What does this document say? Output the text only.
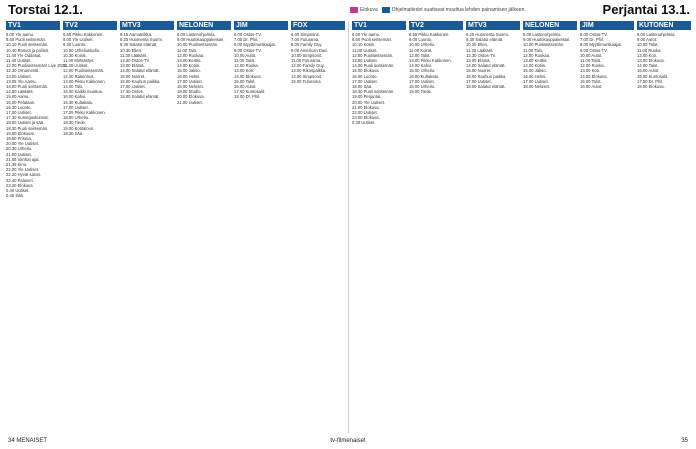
Torstai 12.1.	Elokuva	Ohjelmatiedot suattavat muuttua lehden painamisen jälkeen.	Perjantai 13.1.
TV1
6.00 Yle aamu.
9.50 Puoli seitsemän.
10.10 Puoli seitsemän.
10.40 Rosvot ja poliisit.
11.40 Yle Oddasat.
11.40 Uutiset.
12.00 Puoliseitsemän! Live 2022.
12.30 Ornamentti.
13.00 Uutiset.
13.05 Yle Aamu.
14.00 Puoli seitsemän.
14.50 Lääkärit.
15.00 Aamu.
16.00 Pelataan.
16.30 Luonto.
17.00 Uutiset.
17.30 Kuningaskunnat.
18.00 Uutiset ja sää.
18.30 Puoli seitsemän.
19.00 Elokuvat.
19.50 Prisma.
20.00 Yle Uutiset.
20.30 Urheilu.
21.00 Uutiset.
21.05 Vanhat ajat.
21.35 Kino.
22.00 Yle Uutiset.
22.20 Hyvät sanat.
22.40 Palaveri.
23.20 Elokuva.
0.40 Uutiset.
0.45 Sää.
TV2
6.55 Pikku Kakkonen.
9.00 Yle Uutiset.
9.30 Luonto.
10.00 Urheilustudio.
10.30 Koirat.
11.00 Metsästys.
11.30 Uutiset.
12.00 Puoliseitsemän.
12.30 Rakennus.
13.00 Pikku Kakkonen.
14.00 Talo.
15.00 Kaikki muuttuu.
16.00 Kahvi.
16.30 Kultakala.
17.00 Uutiset.
17.25 Pikku Kakkonen.
18.00 Urheilu.
18.30 Tiede.
19.00 Kotitalous.
19.30 Sää.
MTV3
6.15 Aamutelkka.
6.25 Huomenta Suomi.
9.30 Salatut elämät.
10.30 Ellen.
11.30 Lääkärit.
12.30 Ostos-TV.
13.00 Elämä.
14.00 Salatut elämät.
15.00 Nuoret.
16.00 Kauhun paikka.
17.00 Uutiset.
17.30 Ostos.
18.00 Salatut elämät.
NELONEN
6.00 Lastenohjelmia.
9.00 Huutokauppakeisari.
10.00 Puoliseitsemän.
11.00 Talo.
12.00 Ruokaa.
13.00 Keittiö.
14.00 Kotiin.
15.00 Jakso.
16.00 Helmi.
17.00 Uutiset.
18.00 Neloset.
19.00 Studio.
20.00 Elokuva.
21.00 Uutiset.
JIM
6.00 Ostos-TV.
7.00 Dr. Phil.
8.00 Myyttimurskaajat.
9.00 Ostos-TV.
10.00 Autot.
11.00 Talot.
12.00 Ruoka.
13.00 Koti.
14.00 Elokuva.
15.00 Talot.
16.00 Autot.
17.00 Kuntosalit.
18.00 Dr. Phil.
FOX
6.00 Simpsonit.
7.00 Futurama.
8.00 Family Guy.
9.00 American Dad.
10.00 Simpsonit.
11.00 Futurama.
12.00 Family Guy.
13.00 Rikospaikka.
14.00 Simpsonit.
15.00 Futurama.
TV1
6.00 Yle aamu.
9.50 Puoli seitsemän.
10.10 Kotiin.
11.00 Uutiset.
12.00 Puoliseitsemän.
13.00 Uutiset.
14.00 Puoli seitsemän.
15.00 Elokuva.
16.00 Luonto.
17.00 Uutiset.
18.00 Sää.
18.30 Puoli seitsemän.
19.00 Perjantai.
20.00 Yle Uutiset.
21.00 Elokuva.
22.00 Uutiset.
23.00 Elokuva.
0.30 Uutiset.
TV2
6.55 Pikku Kakkonen.
9.00 Luonto.
10.00 Urheilu.
11.00 Koirat.
12.00 Talot.
13.00 Pikku Kakkonen.
14.00 Kahvi.
15.00 Urheilu.
16.00 Kultakala.
17.00 Uutiset.
18.00 Urheilu.
19.00 Tiede.
MTV3
6.25 Huomenta Suomi.
9.30 Salatut elämät.
10.30 Ellen.
11.30 Lääkärit.
12.30 Ostos-TV.
13.00 Elämä.
14.00 Salatut elämät.
15.00 Nuoret.
16.00 Kauhun paikka.
17.00 Uutiset.
18.00 Salatut elämät.
NELONEN
6.00 Lastenohjelmia.
9.00 Huutokauppakeisari.
10.00 Puoliseitsemän.
11.00 Talo.
12.00 Ruokaa.
13.00 Keittiö.
14.00 Kotiin.
15.00 Jakso.
16.00 Helmi.
17.00 Uutiset.
18.00 Neloset.
JIM
6.00 Ostos-TV.
7.00 Dr. Phil.
8.00 Myyttimurskaajat.
9.00 Ostos-TV.
10.00 Autot.
11.00 Talot.
12.00 Ruoka.
13.00 Koti.
14.00 Elokuva.
15.00 Talot.
16.00 Autot.
KUTONEN
6.00 Lastenohjelmia.
9.00 Autot.
10.00 Talot.
11.00 Ruoka.
12.00 Koti.
13.00 Elokuva.
14.00 Talot.
15.00 Autot.
16.00 Kuntosalit.
17.00 Dr. Phil.
18.00 Elokuva.
34 MENAISET	tv-filmenaiset	35
